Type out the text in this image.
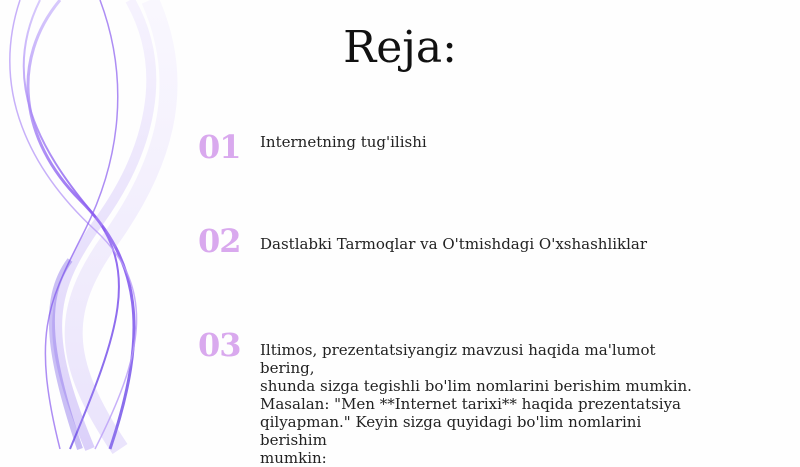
Reja:
01	Internetning tug'ilishi
02	Dastlabki Tarmoqlar va O'tmishdagi O'xshashliklar
03	Iltimos, prezentatsiyangiz mavzusi haqida ma'lumot bering,
shunda sizga tegishli bo'lim nomlarini berishim mumkin.
Masalan: "Men **Internet tarixi** haqida prezentatsiya
qilyapman." Keyin sizga quyidagi bo'lim nomlarini berishim
mumkin:
